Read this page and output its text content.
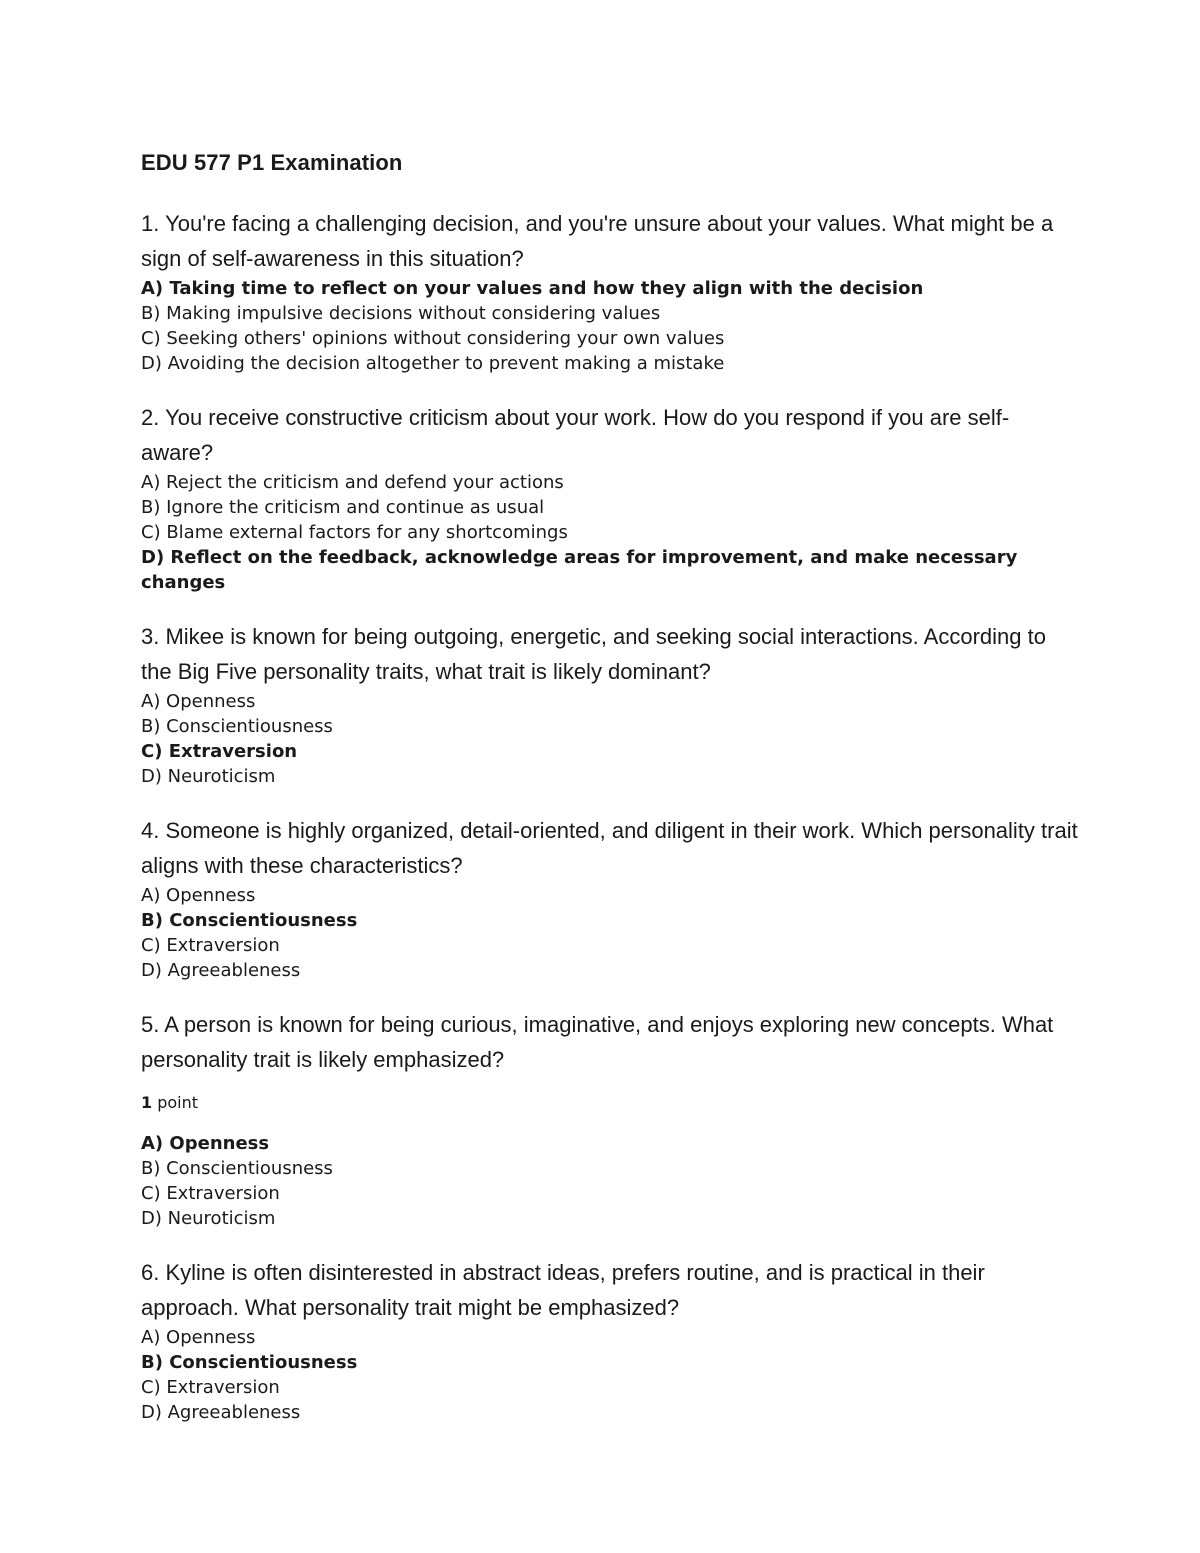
EDU 577 P1 Examination

1. You're facing a challenging decision, and you're unsure about your values. What might be a sign of self-awareness in this situation?

A) Taking time to reflect on your values and how they align with the decision
B) Making impulsive decisions without considering values
C) Seeking others' opinions without considering your own values
D) Avoiding the decision altogether to prevent making a mistake

2. You receive constructive criticism about your work. How do you respond if you are self-aware?

A) Reject the criticism and defend your actions
B) Ignore the criticism and continue as usual
C) Blame external factors for any shortcomings
D) Reflect on the feedback, acknowledge areas for improvement, and make necessary changes

3. Mikee is known for being outgoing, energetic, and seeking social interactions. According to the Big Five personality traits, what trait is likely dominant?

A) Openness
B) Conscientiousness
C) Extraversion
D) Neuroticism

4. Someone is highly organized, detail-oriented, and diligent in their work. Which personality trait aligns with these characteristics?

A) Openness
B) Conscientiousness
C) Extraversion
D) Agreeableness

5. A person is known for being curious, imaginative, and enjoys exploring new concepts. What personality trait is likely emphasized?

1 point

A) Openness
B) Conscientiousness
C) Extraversion
D) Neuroticism

6. Kyline is often disinterested in abstract ideas, prefers routine, and is practical in their approach. What personality trait might be emphasized?

A) Openness
B) Conscientiousness
C) Extraversion
D) Agreeableness
